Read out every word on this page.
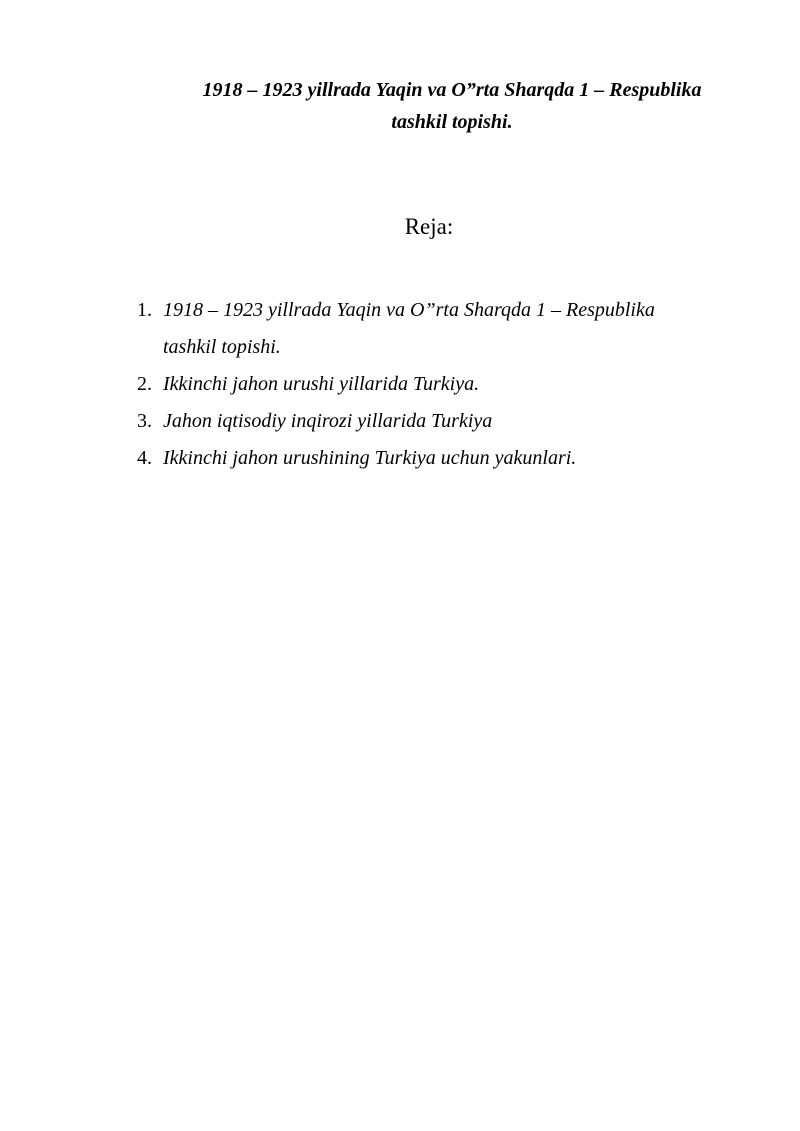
1918 – 1923 yillrada Yaqin va O”rta Sharqda 1 – Respublika
tashkil topishi.
Reja:
1. 1918 – 1923 yillrada Yaqin va O”rta Sharqda 1 – Respublika
tashkil topishi.
2. Ikkinchi jahon urushi yillarida Turkiya.
3. Jahon iqtisodiy inqirozi yillarida Turkiya
4. Ikkinchi jahon urushining Turkiya uchun yakunlari.
